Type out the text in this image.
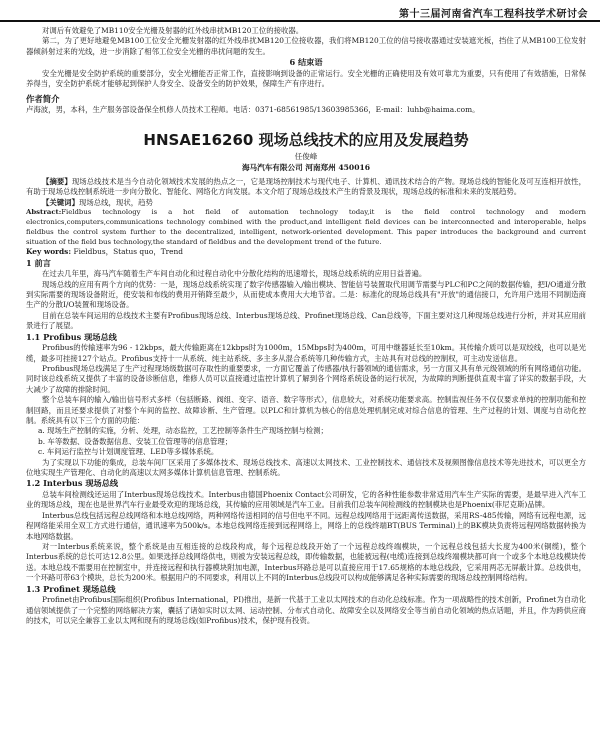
第十三届河南省汽车工程科技学术研讨会

对调后有效避免了MB110安全光栅及射器的红外线串扰MB120工位的接收器。

第二，为了更好地避免MB100工位安全光栅发射器的红外线串扰MB120工位接收器，我们将MB120工位的信号接收器通过安装遮光板，挡住了从MB100工位发射器倾斜射过来的光线，进一步消除了相邻工位安全光栅的串扰问题的发生。

6 结束语

安全光栅是安全防护系统的重要部分，安全光栅能否正常工作，直接影响到设备的正常运行。安全光栅的正确使用及有效可靠尤为重要，只有使用了有效措施，日常保养得当，安全防护系统才能够起到保护人身安全、设备安全的防护效果，保障生产有序进行。

作者简介

卢海波，男，本科，生产服务部设备保全机修人员技术工程师。电话：0371-68561985/13603985366，E-mail：luhb@haima.com。

HNSAE16260 现场总线技术的应用及发展趋势
任俊峰
海马汽车有限公司 河南郑州 450016

【摘要】现场总线技术是当今自动化领域技术发展的热点之一，它是现场控制技术与现代电子、计算机、通讯技术结合的产物。现场总线的智能化及可互连相开放性，有助于现场总线控制系统进一步向分散化、智能化、网络化方向发展。本文介绍了现场总线技术产生的背景及现状，现场总线的标准和未来的发展趋势。

【关键词】现场总线，现状，趋势

Abstract:Fieldbus technology is a hot field of automation technology today,it is the field control technology and modern electronics,computers,communications technology combined with the product,and intelligent field devices can be interconnected and interoperable, helps fieldbus the control system further to the decentralized, intelligent, network-oriented development. This paper introduces the background and current situation of the field bus technology,the standard of fieldbus and the development trend of the future.

Key words: Fieldbus，Status quo，Trend

1 前言

在过去几年里，海马汽车随着生产车间自动化和过程自动化中分散化结构的迅速增长，现场总线系统的应用日益普遍。

现场总线的应用有两个方向的优势：一是，现场总线系统实现了数字传感器输入/输出模块、智能信号装置取代用调节需要与PLC和PC之间的数据传输，把I/O通道分散到实际需要的现场设备附近，使安装和布线的费用开销降至最少，从而使成本费用大大地节省。二是：标准化的现场总线具有"开放"的通信接口，允许用户选用不同制造商生产的分散I/O装置和现场设备。

目前在总装车间运用的总线技术主要有Profibus现场总线、Interbus现场总线、Profinet现场总线、Can总线等，下面主要对这几种现场总线进行分析，并对其应用前景进行了展望。

1.1 Profibus 现场总线

Profibus的传输速率为96 - 12kbps，最大传输距离在12kbps时为1000m，15Mbps时为400m，可用中继器延长至10km。其传输介质可以是双绞线，也可以是光缆，最多可挂接127个站点。Profibus支持十一从系统、纯主站系统、多主多从混合系统等几种传输方式，主站具有对总线的控制权，可主动发送信息。

Profibus现场总线满足了生产过程现场级数据可存取性的重要要求，一方面它覆盖了传感器/执行器领域的通信需求，另一方面又具有单元级领域的所有网络通信功能。同时该总线系统又提供了丰富的设备诊断信息，维修人员可以直接通过监控计算机了解到各个网络系统设备的运行状况，为故障的判断提供直观丰富了详实的数据手段，大大减少了故障的排除时间。

整个总装车间的输入/输出信号形式多样（包括断路、阀组、变字、语音、数字等形式），信息较大，对系统功能要求高。控制监视任务不仅仅要求单纯的控制功能和控制回路，而且还要求提供了对整个车间的监控、故障诊断、生产管理。以PLC和计算机为核心的信息处理机制完成对综合信息的管理、生产过程的计划、调度与自动化控制。系统具有以下三个方面的功能：

a. 现场生产控制的实施，分析、处理，动态监控，工艺控制等条件生产现场控制与检测；
b. 车等数据、设备数据信息、安装工位管理等的信息管理；
c. 车间运行监控与计划调度管理、LED等多媒体系统。

为了实现以下功能的集成，总装车间厂区采用了多媒体技术、现场总线技术、高速以太网技术、工业控制技术、通信技术及视频图像信息技术等先进技术，可以更全方位地实现生产管理化、自动化的高速以太网多媒体计算机信息管理、控制系统。

1.2 Interbus 现场总线

总装车间检测线还运用了Interbus现场总线技术。Interbus由德国Phoenix Contact公司研发，它的各种性能参数非常适用汽车生产实际的需要，是最早进入汽车工业的现场总线，现在也是世界汽车行业最受欢迎的现场总线，其传输的应用领域是汽车工业。目前我们总装车间检测线的控制模块也是Phoenix(菲尼克斯)品牌。

Interbus总线包括远程总线网络和本地总线网络，两种网络传送相同的信号但电平不同。远程总线网络用于远距离传送数据，采用RS-485传输，网络有远程电源，远程网络能采用全双工方式进行通信，通讯速率为500k/s。本地总线网络连接到远程网络上，网络上的总线终端BT(BUS Terminal)上的BK模块负责将远程网络数据转换为本地网络数据。

对一Interbus系统来说，整个系统是由互相连接的总线段构成，每个远程总线段开始了一个远程总线终端模块，一个远程总线包括大长度为400米(铜缆)，整个Interbus系统的总长可达12.8公里。如果选择总线网络供电，则被为安装远程总线，即传输数据，也能被远程(电缆)连接到总线终端模块都可向一个或多个本地总线模块传送。本地总线不需要用在控制室中，并连接远程和执行器模块附加电源，Interbus环路总是可以直接应用于17.65规格的本地总线段，它采用两芯无屏蔽计算。总线供电，一个环路可带63个模块，总长为200米。根据用户的不同要求，利用以上不同的Interbus总线段可以构成能够满足各种实际需要的现场总线控制网络结构。

1.3 Profinet 现场总线

Profinet由Profibus国际组织(Profibus International，PI)推出，是新一代基于工业以太网技术的自动化总线标准。作为一项战略性的技术创新，Profinet为自动化通信领域提供了一个完整的网络解决方案，囊括了诸如实时以太网、运动控制、分布式自动化、故障安全以及网络安全等当前自动化领域的热点话题，并且，作为跨供应商的技术，可以完全兼容工业以太网和现有的现场总线(如Profibus)技术，保护现有投资。
